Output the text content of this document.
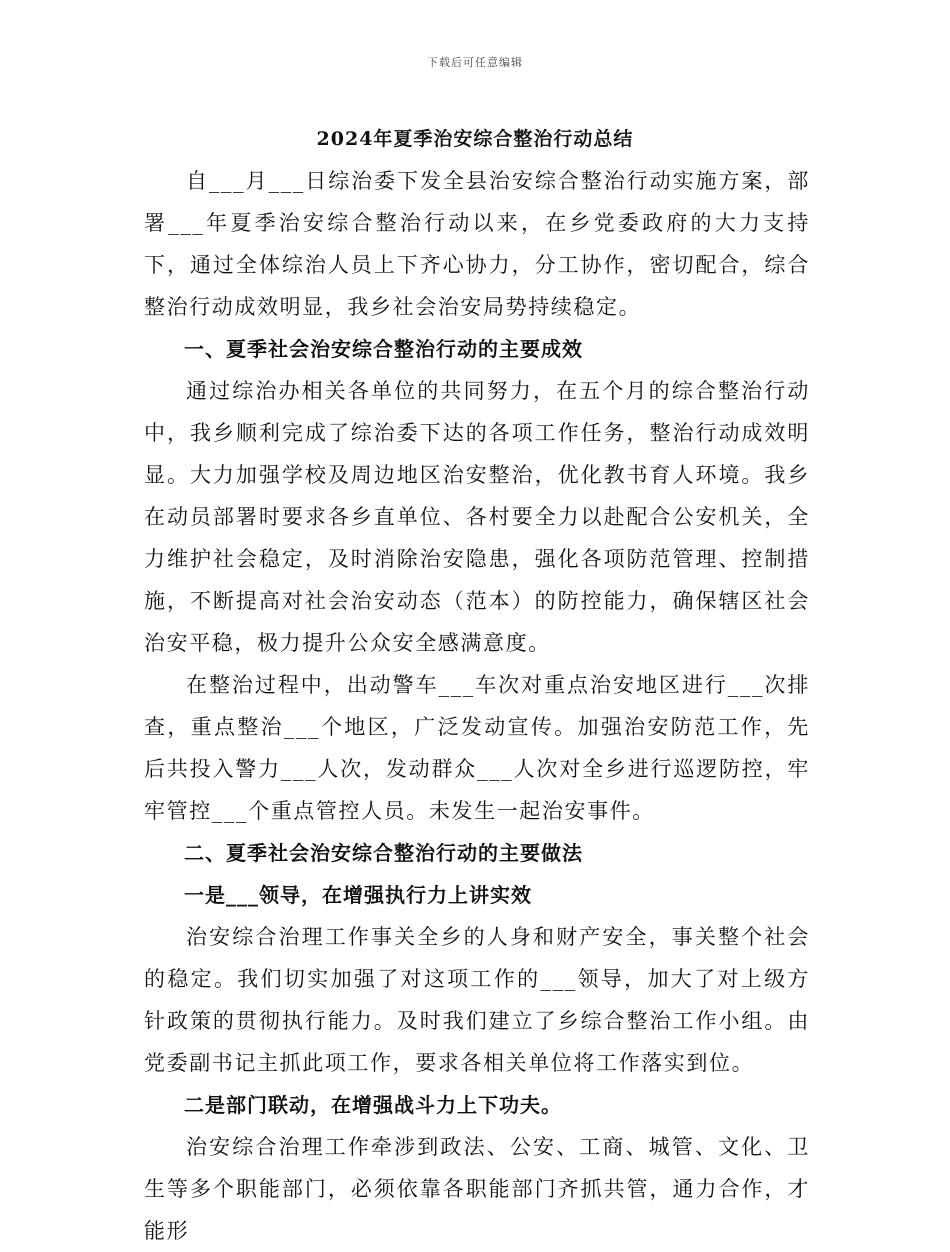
下载后可任意编辑
2024年夏季治安综合整治行动总结

自___月___日综治委下发全县治安综合整治行动实施方案，部署___年夏季治安综合整治行动以来，在乡党委政府的大力支持下，通过全体综治人员上下齐心协力，分工协作，密切配合，综合整治行动成效明显，我乡社会治安局势持续稳定。

一、夏季社会治安综合整治行动的主要成效

通过综治办相关各单位的共同努力，在五个月的综合整治行动中，我乡顺利完成了综治委下达的各项工作任务，整治行动成效明显。大力加强学校及周边地区治安整治，优化教书育人环境。我乡在动员部署时要求各乡直单位、各村要全力以赴配合公安机关，全力维护社会稳定，及时消除治安隐患，强化各项防范管理、控制措施，不断提高对社会治安动态（范本）的防控能力，确保辖区社会治安平稳，极力提升公众安全感满意度。

在整治过程中，出动警车___车次对重点治安地区进行___次排查，重点整治___个地区，广泛发动宣传。加强治安防范工作，先后共投入警力___人次，发动群众___人次对全乡进行巡逻防控，牢牢管控___个重点管控人员。未发生一起治安事件。

二、夏季社会治安综合整治行动的主要做法

一是___领导，在增强执行力上讲实效

治安综合治理工作事关全乡的人身和财产安全，事关整个社会的稳定。我们切实加强了对这项工作的___领导，加大了对上级方针政策的贯彻执行能力。及时我们建立了乡综合整治工作小组。由党委副书记主抓此项工作，要求各相关单位将工作落实到位。

二是部门联动，在增强战斗力上下功夫。

治安综合治理工作牵涉到政法、公安、工商、城管、文化、卫生等多个职能部门，必须依靠各职能部门齐抓共管，通力合作，才能形
